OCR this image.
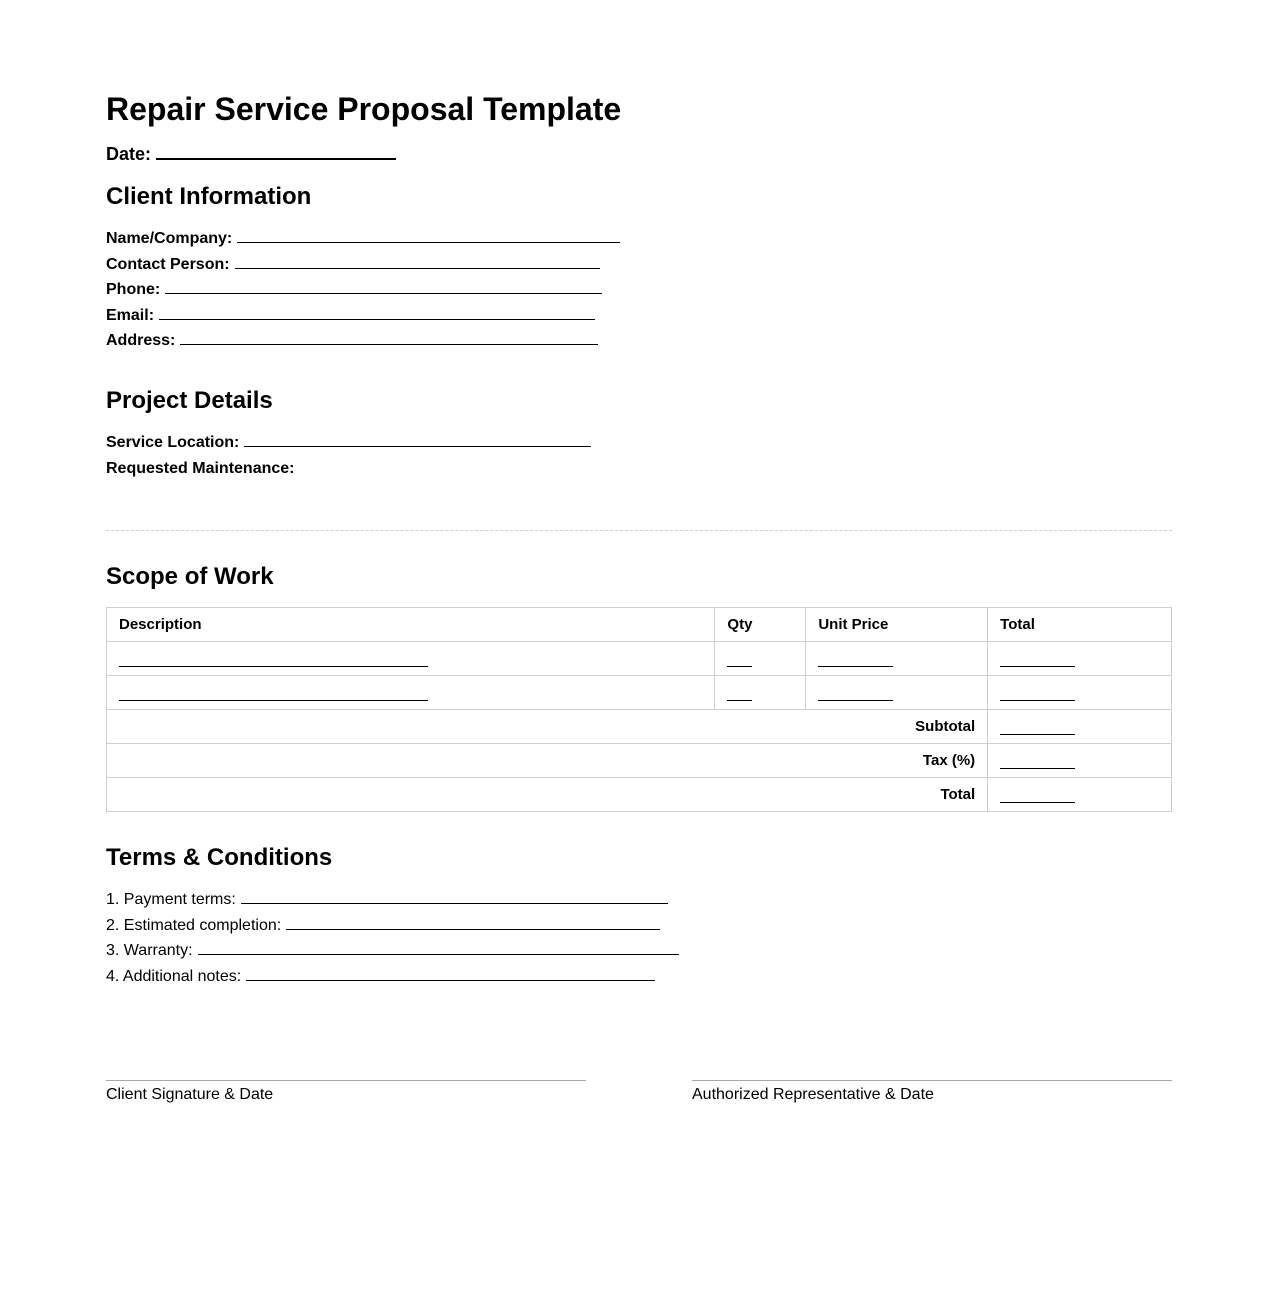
Repair Service Proposal Template
Date:
Client Information
Name/Company:
Contact Person:
Phone:
Email:
Address:
Project Details
Service Location:
Requested Maintenance:
Scope of Work
Description	Qty	Unit Price	Total

Subtotal			
Tax (%)			
Total			
Terms & Conditions
1. Payment terms:
2. Estimated completion:
3. Warranty:
4. Additional notes:
Client Signature & Date	Authorized Representative & Date
